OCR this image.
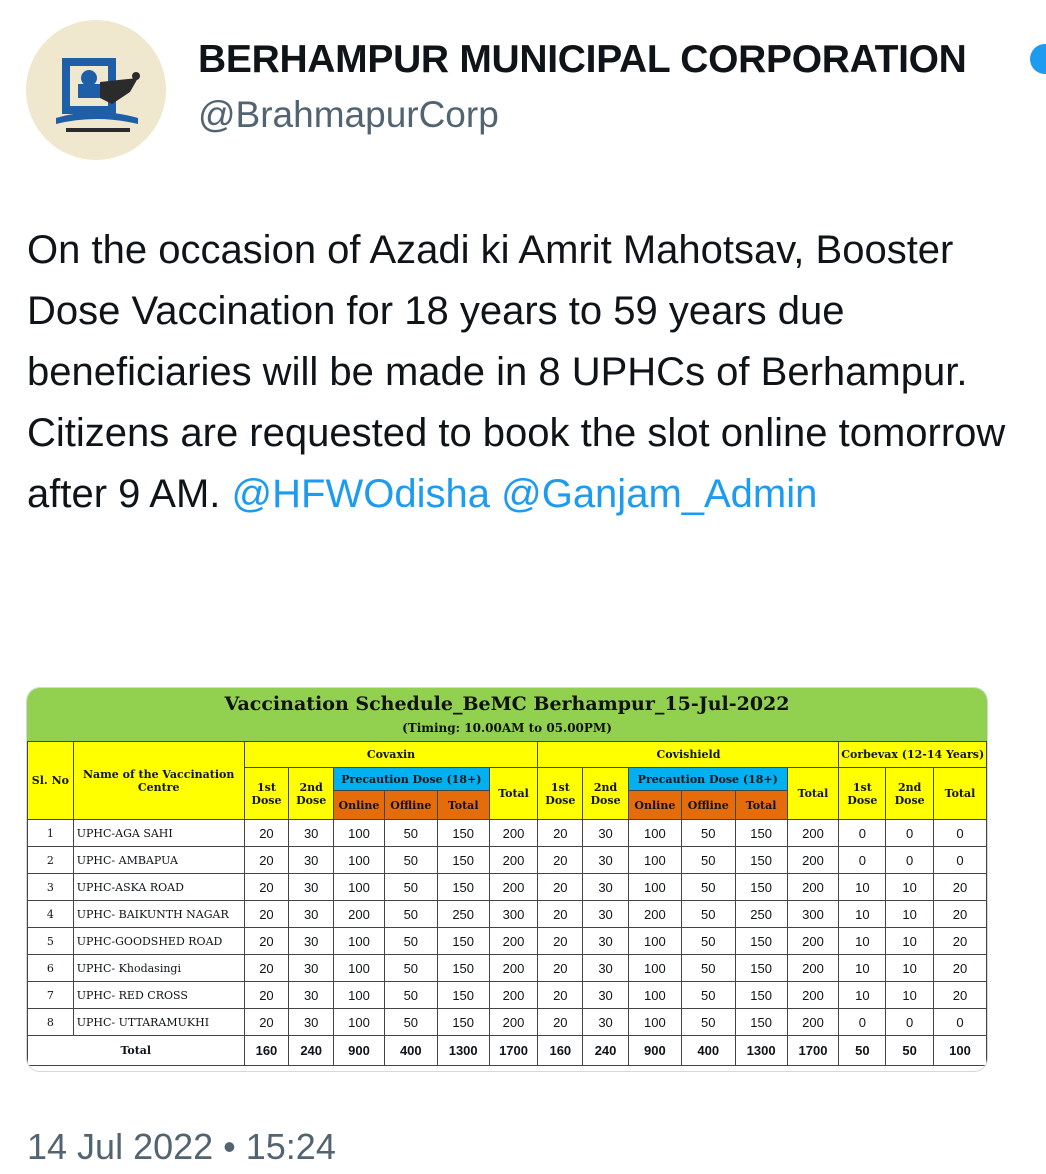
BERHAMPUR MUNICIPAL CORPORATION
@BrahmapurCorp

On the occasion of Azadi ki Amrit Mahotsav, Booster Dose Vaccination for 18 years to 59 years due beneficiaries will be made in 8 UPHCs of Berhampur.

Citizens are requested to book the slot online tomorrow after 9 AM. @HFWOdisha @Ganjam_Admin

Vaccination Schedule_BeMC Berhampur_15-Jul-2022
(Timing: 10.00AM to 05.00PM)
Sl. No	Name of the Vaccination Centre	Covaxin						Covishield						Corbevax (12-14 Years)		
		1st Dose	2nd Dose	Precaution Dose (18+)			Total	1st Dose	2nd Dose	Precaution Dose (18+)			Total	1st Dose	2nd Dose	Total
				Online	Offline	Total				Online	Offline	Total				
1	UPHC-AGA SAHI	20	30	100	50	150	200	20	30	100	50	150	200	0	0	0
2	UPHC- AMBAPUA	20	30	100	50	150	200	20	30	100	50	150	200	0	0	0
3	UPHC-ASKA ROAD	20	30	100	50	150	200	20	30	100	50	150	200	10	10	20
4	UPHC- BAIKUNTH NAGAR	20	30	200	50	250	300	20	30	200	50	250	300	10	10	20
5	UPHC-GOODSHED ROAD	20	30	100	50	150	200	20	30	100	50	150	200	10	10	20
6	UPHC- Khodasingi	20	30	100	50	150	200	20	30	100	50	150	200	10	10	20
7	UPHC- RED CROSS	20	30	100	50	150	200	20	30	100	50	150	200	10	10	20
8	UPHC- UTTARAMUKHI	20	30	100	50	150	200	20	30	100	50	150	200	0	0	0
Total		160	240	900	400	1300	1700	160	240	900	400	1300	1700	50	50	100
14 Jul 2022 • 15:24
